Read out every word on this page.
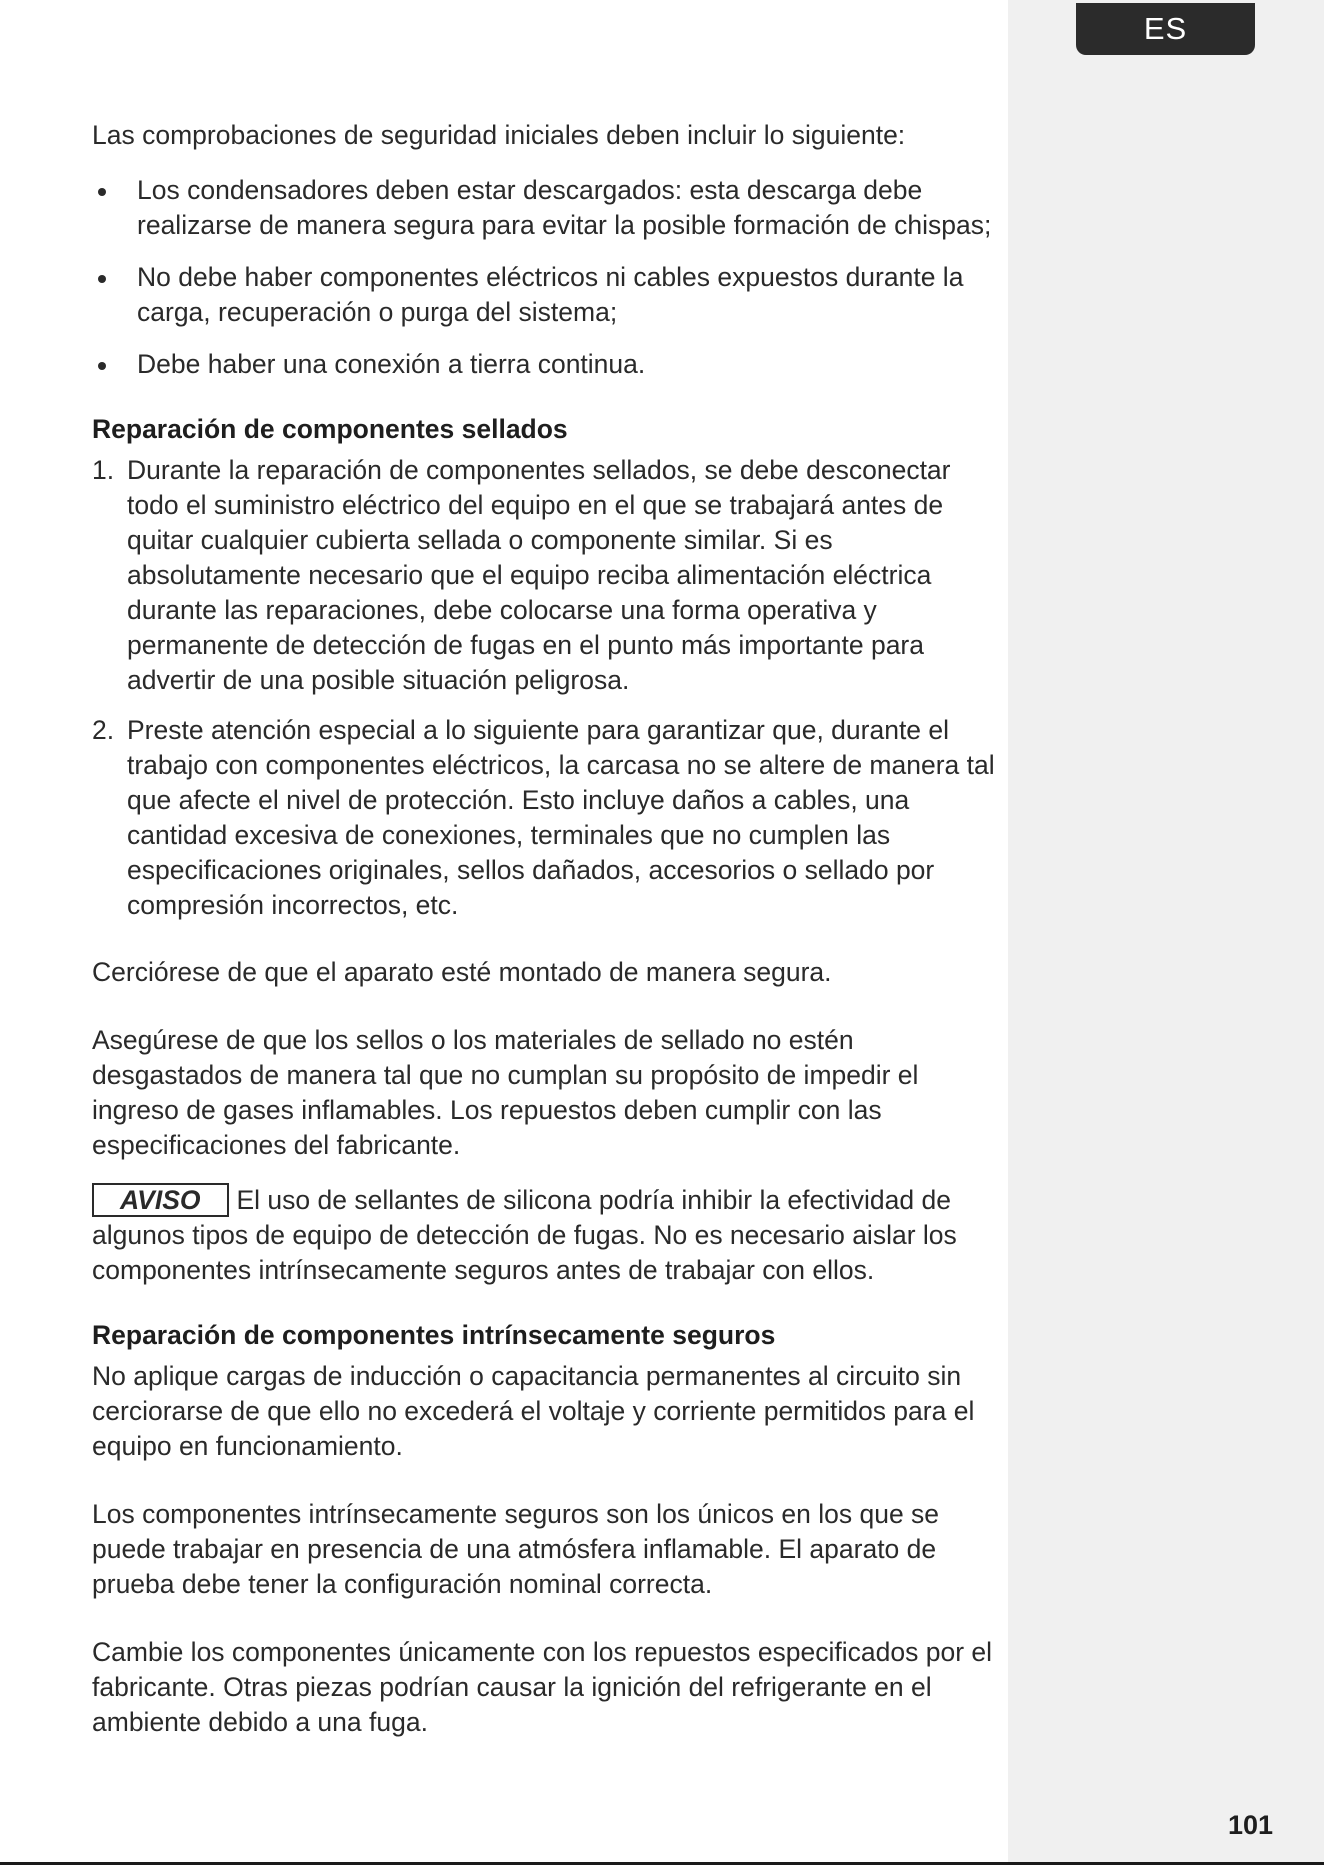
ES

Las comprobaciones de seguridad iniciales deben incluir lo siguiente:

Los condensadores deben estar descargados: esta descarga debe realizarse de manera segura para evitar la posible formación de chispas;
No debe haber componentes eléctricos ni cables expuestos durante la carga, recuperación o purga del sistema;
Debe haber una conexión a tierra continua.
Reparación de componentes sellados
1. Durante la reparación de componentes sellados, se debe desconectar todo el suministro eléctrico del equipo en el que se trabajará antes de quitar cualquier cubierta sellada o componente similar. Si es absolutamente necesario que el equipo reciba alimentación eléctrica durante las reparaciones, debe colocarse una forma operativa y permanente de detección de fugas en el punto más importante para advertir de una posible situación peligrosa.
2. Preste atención especial a lo siguiente para garantizar que, durante el trabajo con componentes eléctricos, la carcasa no se altere de manera tal que afecte el nivel de protección. Esto incluye daños a cables, una cantidad excesiva de conexiones, terminales que no cumplen las especificaciones originales, sellos dañados, accesorios o sellado por compresión incorrectos, etc.

Cerciórese de que el aparato esté montado de manera segura.

Asegúrese de que los sellos o los materiales de sellado no estén desgastados de manera tal que no cumplan su propósito de impedir el ingreso de gases inflamables. Los repuestos deben cumplir con las especificaciones del fabricante.

AVISO El uso de sellantes de silicona podría inhibir la efectividad de algunos tipos de equipo de detección de fugas. No es necesario aislar los componentes intrínsecamente seguros antes de trabajar con ellos.

Reparación de componentes intrínsecamente seguros

No aplique cargas de inducción o capacitancia permanentes al circuito sin cerciorarse de que ello no excederá el voltaje y corriente permitidos para el equipo en funcionamiento.

Los componentes intrínsecamente seguros son los únicos en los que se puede trabajar en presencia de una atmósfera inflamable. El aparato de prueba debe tener la configuración nominal correcta.

Cambie los componentes únicamente con los repuestos especificados por el fabricante. Otras piezas podrían causar la ignición del refrigerante en el ambiente debido a una fuga.

101
